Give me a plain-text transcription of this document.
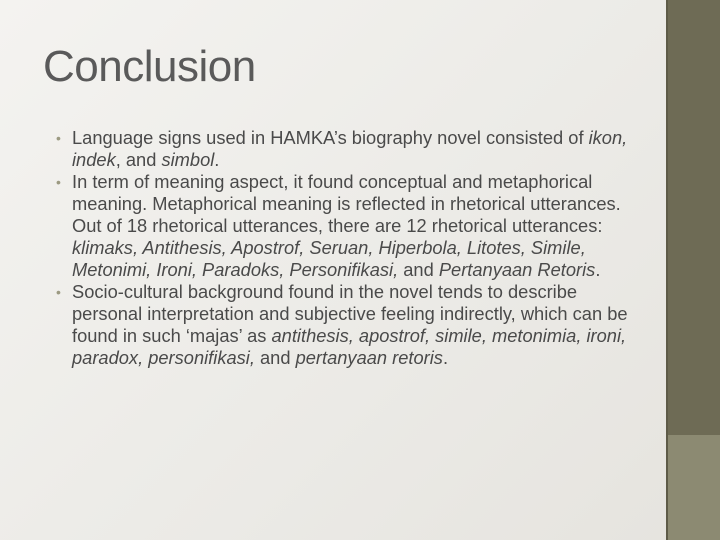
Conclusion
• Language signs used in HAMKA’s biography novel consisted of ikon, indek, and simbol.
• In term of meaning aspect, it found conceptual and metaphorical meaning. Metaphorical meaning is reflected in rhetorical utterances. Out of 18 rhetorical utterances, there are 12 rhetorical utterances: klimaks, Antithesis, Apostrof, Seruan, Hiperbola, Litotes, Simile, Metonimi, Ironi, Paradoks, Personifikasi, and Pertanyaan Retoris.
• Socio-cultural background found in the novel tends to describe personal interpretation and subjective feeling indirectly, which can be found in such ‘majas’ as antithesis, apostrof, simile, metonimia, ironi, paradox, personifikasi, and pertanyaan retoris.
